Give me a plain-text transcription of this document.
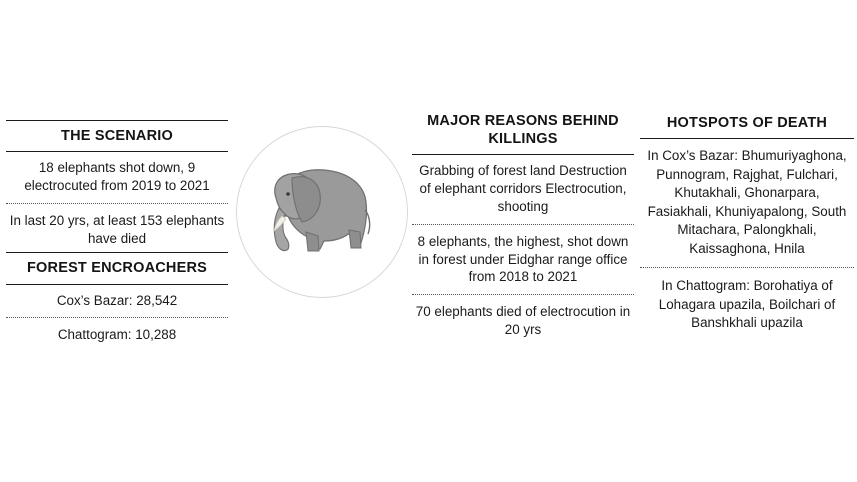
THE SCENARIO
18 elephants shot down, 9 electrocuted from 2019 to 2021
In last 20 yrs, at least 153 elephants have died
FOREST ENCROACHERS
Cox’s Bazar: 28,542
Chattogram: 10,288
MAJOR REASONS BEHIND KILLINGS
Grabbing of forest land Destruction of elephant corridors Electrocution, shooting
8 elephants, the highest, shot down in forest under Eidghar range office from 2018 to 2021
70 elephants died of electrocution in 20 yrs
HOTSPOTS OF DEATH
In Cox’s Bazar: Bhumuriyaghona, Punnogram, Rajghat, Fulchari, Khutakhali, Ghonarpara, Fasiakhali, Khuniyapalong, South Mitachara, Palongkhali, Kaissaghona, Hnila
In Chattogram: Borohatiya of Lohagara upazila, Boilchari of Banshkhali upazila
